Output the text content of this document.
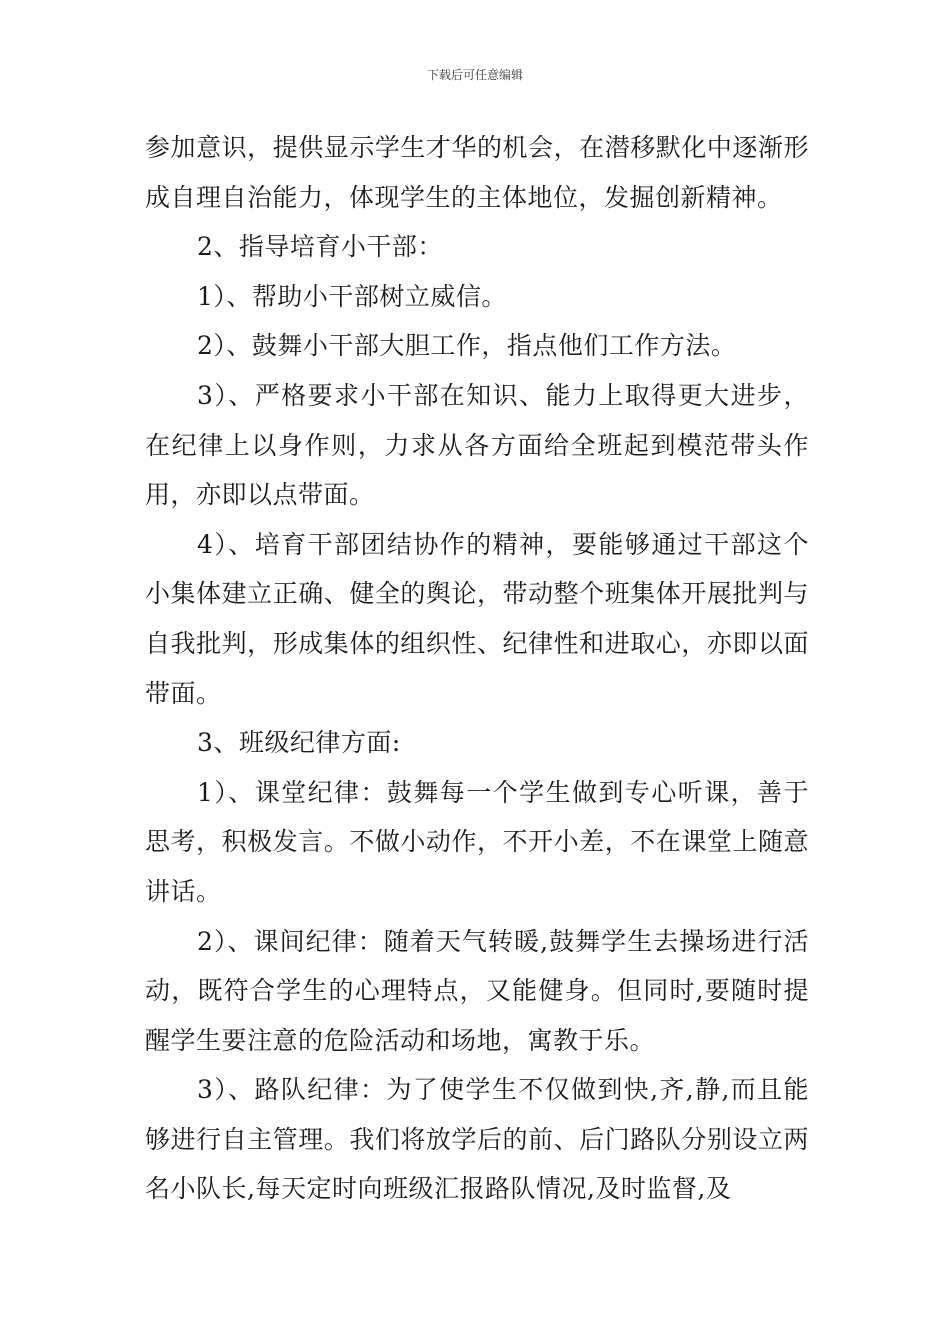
下载后可任意编辑

参加意识，提供显示学生才华的机会，在潜移默化中逐渐形成自理自治能力，体现学生的主体地位，发掘创新精神。

2、指导培育小干部：

1）、帮助小干部树立威信。

2）、鼓舞小干部大胆工作，指点他们工作方法。

3）、严格要求小干部在知识、能力上取得更大进步，在纪律上以身作则，力求从各方面给全班起到模范带头作用，亦即以点带面。

4）、培育干部团结协作的精神，要能够通过干部这个小集体建立正确、健全的舆论，带动整个班集体开展批判与自我批判，形成集体的组织性、纪律性和进取心，亦即以面带面。

3、班级纪律方面:

1）、课堂纪律：鼓舞每一个学生做到专心听课，善于思考，积极发言。不做小动作，不开小差，不在课堂上随意讲话。

2）、课间纪律：随着天气转暖,鼓舞学生去操场进行活动，既符合学生的心理特点，又能健身。但同时,要随时提醒学生要注意的危险活动和场地，寓教于乐。

3）、路队纪律：为了使学生不仅做到快,齐,静,而且能够进行自主管理。我们将放学后的前、后门路队分别设立两名小队长,每天定时向班级汇报路队情况,及时监督,及
